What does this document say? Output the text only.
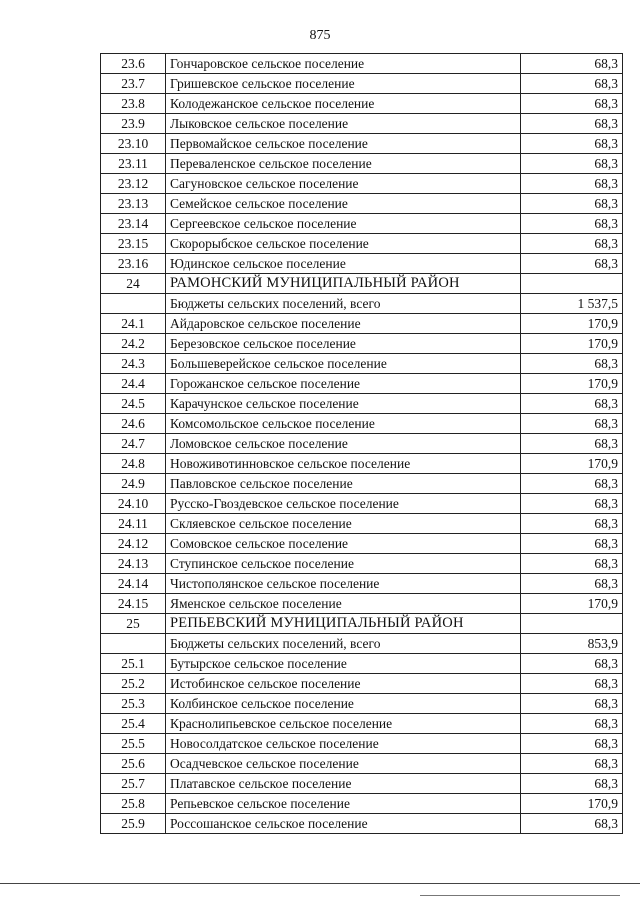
875
23.6	Гончаровское сельское поселение	68,3
23.7	Гришевское сельское поселение	68,3
23.8	Колодежанское сельское поселение	68,3
23.9	Лыковское сельское поселение	68,3
23.10	Первомайское сельское поселение	68,3
23.11	Переваленское сельское поселение	68,3
23.12	Сагуновское сельское поселение	68,3
23.13	Семейское сельское поселение	68,3
23.14	Сергеевское сельское поселение	68,3
23.15	Скорорыбское сельское поселение	68,3
23.16	Юдинское сельское поселение	68,3
24	РАМОНСКИЙ МУНИЦИПАЛЬНЫЙ РАЙОН	
	Бюджеты сельских поселений, всего	1 537,5
24.1	Айдаровское сельское поселение	170,9
24.2	Березовское сельское поселение	170,9
24.3	Большеверейское сельское поселение	68,3
24.4	Горожанское сельское поселение	170,9
24.5	Карачунское сельское поселение	68,3
24.6	Комсомольское сельское поселение	68,3
24.7	Ломовское сельское поселение	68,3
24.8	Новоживотинновское сельское поселение	170,9
24.9	Павловское сельское поселение	68,3
24.10	Русско-Гвоздевское сельское поселение	68,3
24.11	Скляевское сельское поселение	68,3
24.12	Сомовское сельское поселение	68,3
24.13	Ступинское сельское поселение	68,3
24.14	Чистополянское сельское поселение	68,3
24.15	Яменское сельское поселение	170,9
25	РЕПЬЕВСКИЙ МУНИЦИПАЛЬНЫЙ РАЙОН	
	Бюджеты сельских поселений, всего	853,9
25.1	Бутырское сельское поселение	68,3
25.2	Истобинское сельское поселение	68,3
25.3	Колбинское сельское поселение	68,3
25.4	Краснолипьевское сельское поселение	68,3
25.5	Новосолдатское сельское поселение	68,3
25.6	Осадчевское сельское поселение	68,3
25.7	Платавское сельское поселение	68,3
25.8	Репьевское сельское поселение	170,9
25.9	Россошанское сельское поселение	68,3
